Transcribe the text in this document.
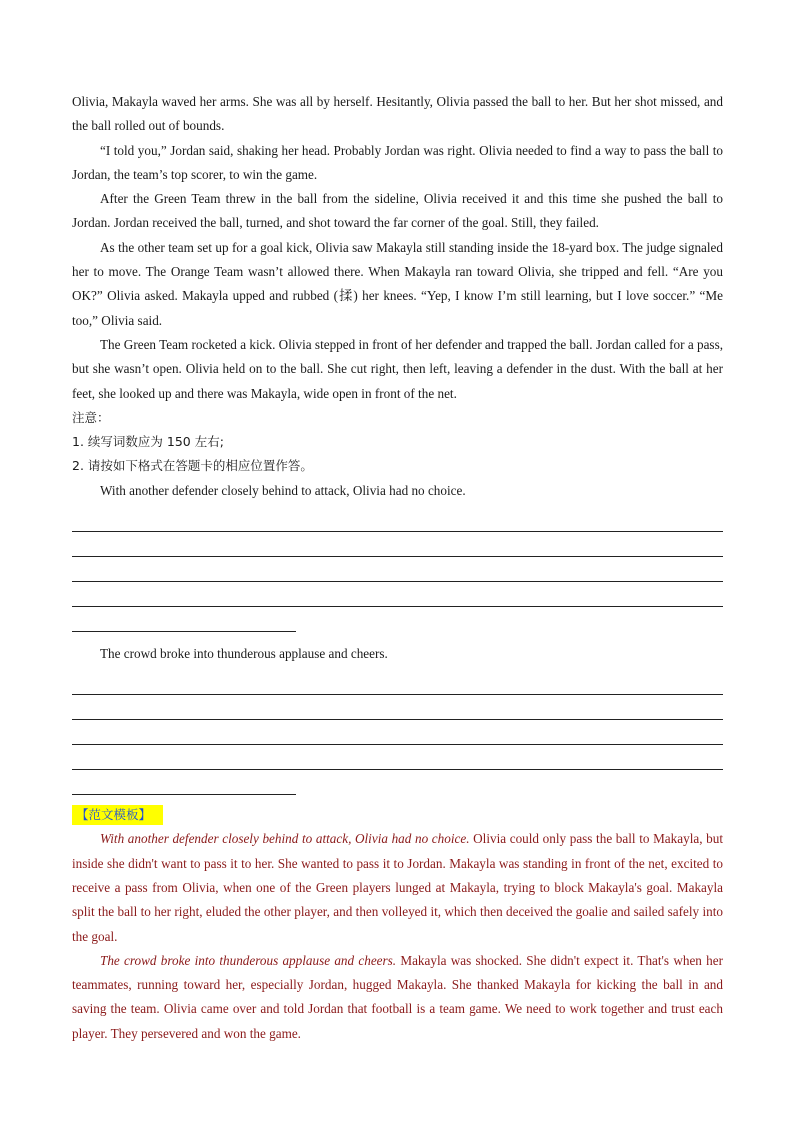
Olivia, Makayla waved her arms. She was all by herself. Hesitantly, Olivia passed the ball to her. But her shot missed, and the ball rolled out of bounds.

“I told you,” Jordan said, shaking her head. Probably Jordan was right. Olivia needed to find a way to pass the ball to Jordan, the team’s top scorer, to win the game.

After the Green Team threw in the ball from the sideline, Olivia received it and this time she pushed the ball to Jordan. Jordan received the ball, turned, and shot toward the far corner of the goal. Still, they failed.

As the other team set up for a goal kick, Olivia saw Makayla still standing inside the 18-yard box. The judge signaled her to move. The Orange Team wasn’t allowed there. When Makayla ran toward Olivia, she tripped and fell. “Are you OK?” Olivia asked. Makayla upped and rubbed (揉) her knees. “Yep, I know I’m still learning, but I love soccer.” “Me too,” Olivia said.

The Green Team rocketed a kick. Olivia stepped in front of her defender and trapped the ball. Jordan called for a pass, but she wasn’t open. Olivia held on to the ball. She cut right, then left, leaving a defender in the dust. With the ball at her feet, she looked up and there was Makayla, wide open in front of the net.

注意：

1. 续写词数应为 150 左右;

2. 请按如下格式在答题卡的相应位置作答。

With another defender closely behind to attack, Olivia had no choice.

The crowd broke into thunderous applause and cheers.

【范文模板】

With another defender closely behind to attack, Olivia had no choice. Olivia could only pass the ball to Makayla, but inside she didn't want to pass it to her. She wanted to pass it to Jordan. Makayla was standing in front of the net, excited to receive a pass from Olivia, when one of the Green players lunged at Makayla, trying to block Makayla's goal. Makayla split the ball to her right, eluded the other player, and then volleyed it, which then deceived the goalie and sailed safely into the goal.

The crowd broke into thunderous applause and cheers. Makayla was shocked. She didn't expect it. That's when her teammates, running toward her, especially Jordan, hugged Makayla. She thanked Makayla for kicking the ball in and saving the team. Olivia came over and told Jordan that football is a team game. We need to work together and trust each player. They persevered and won the game.
